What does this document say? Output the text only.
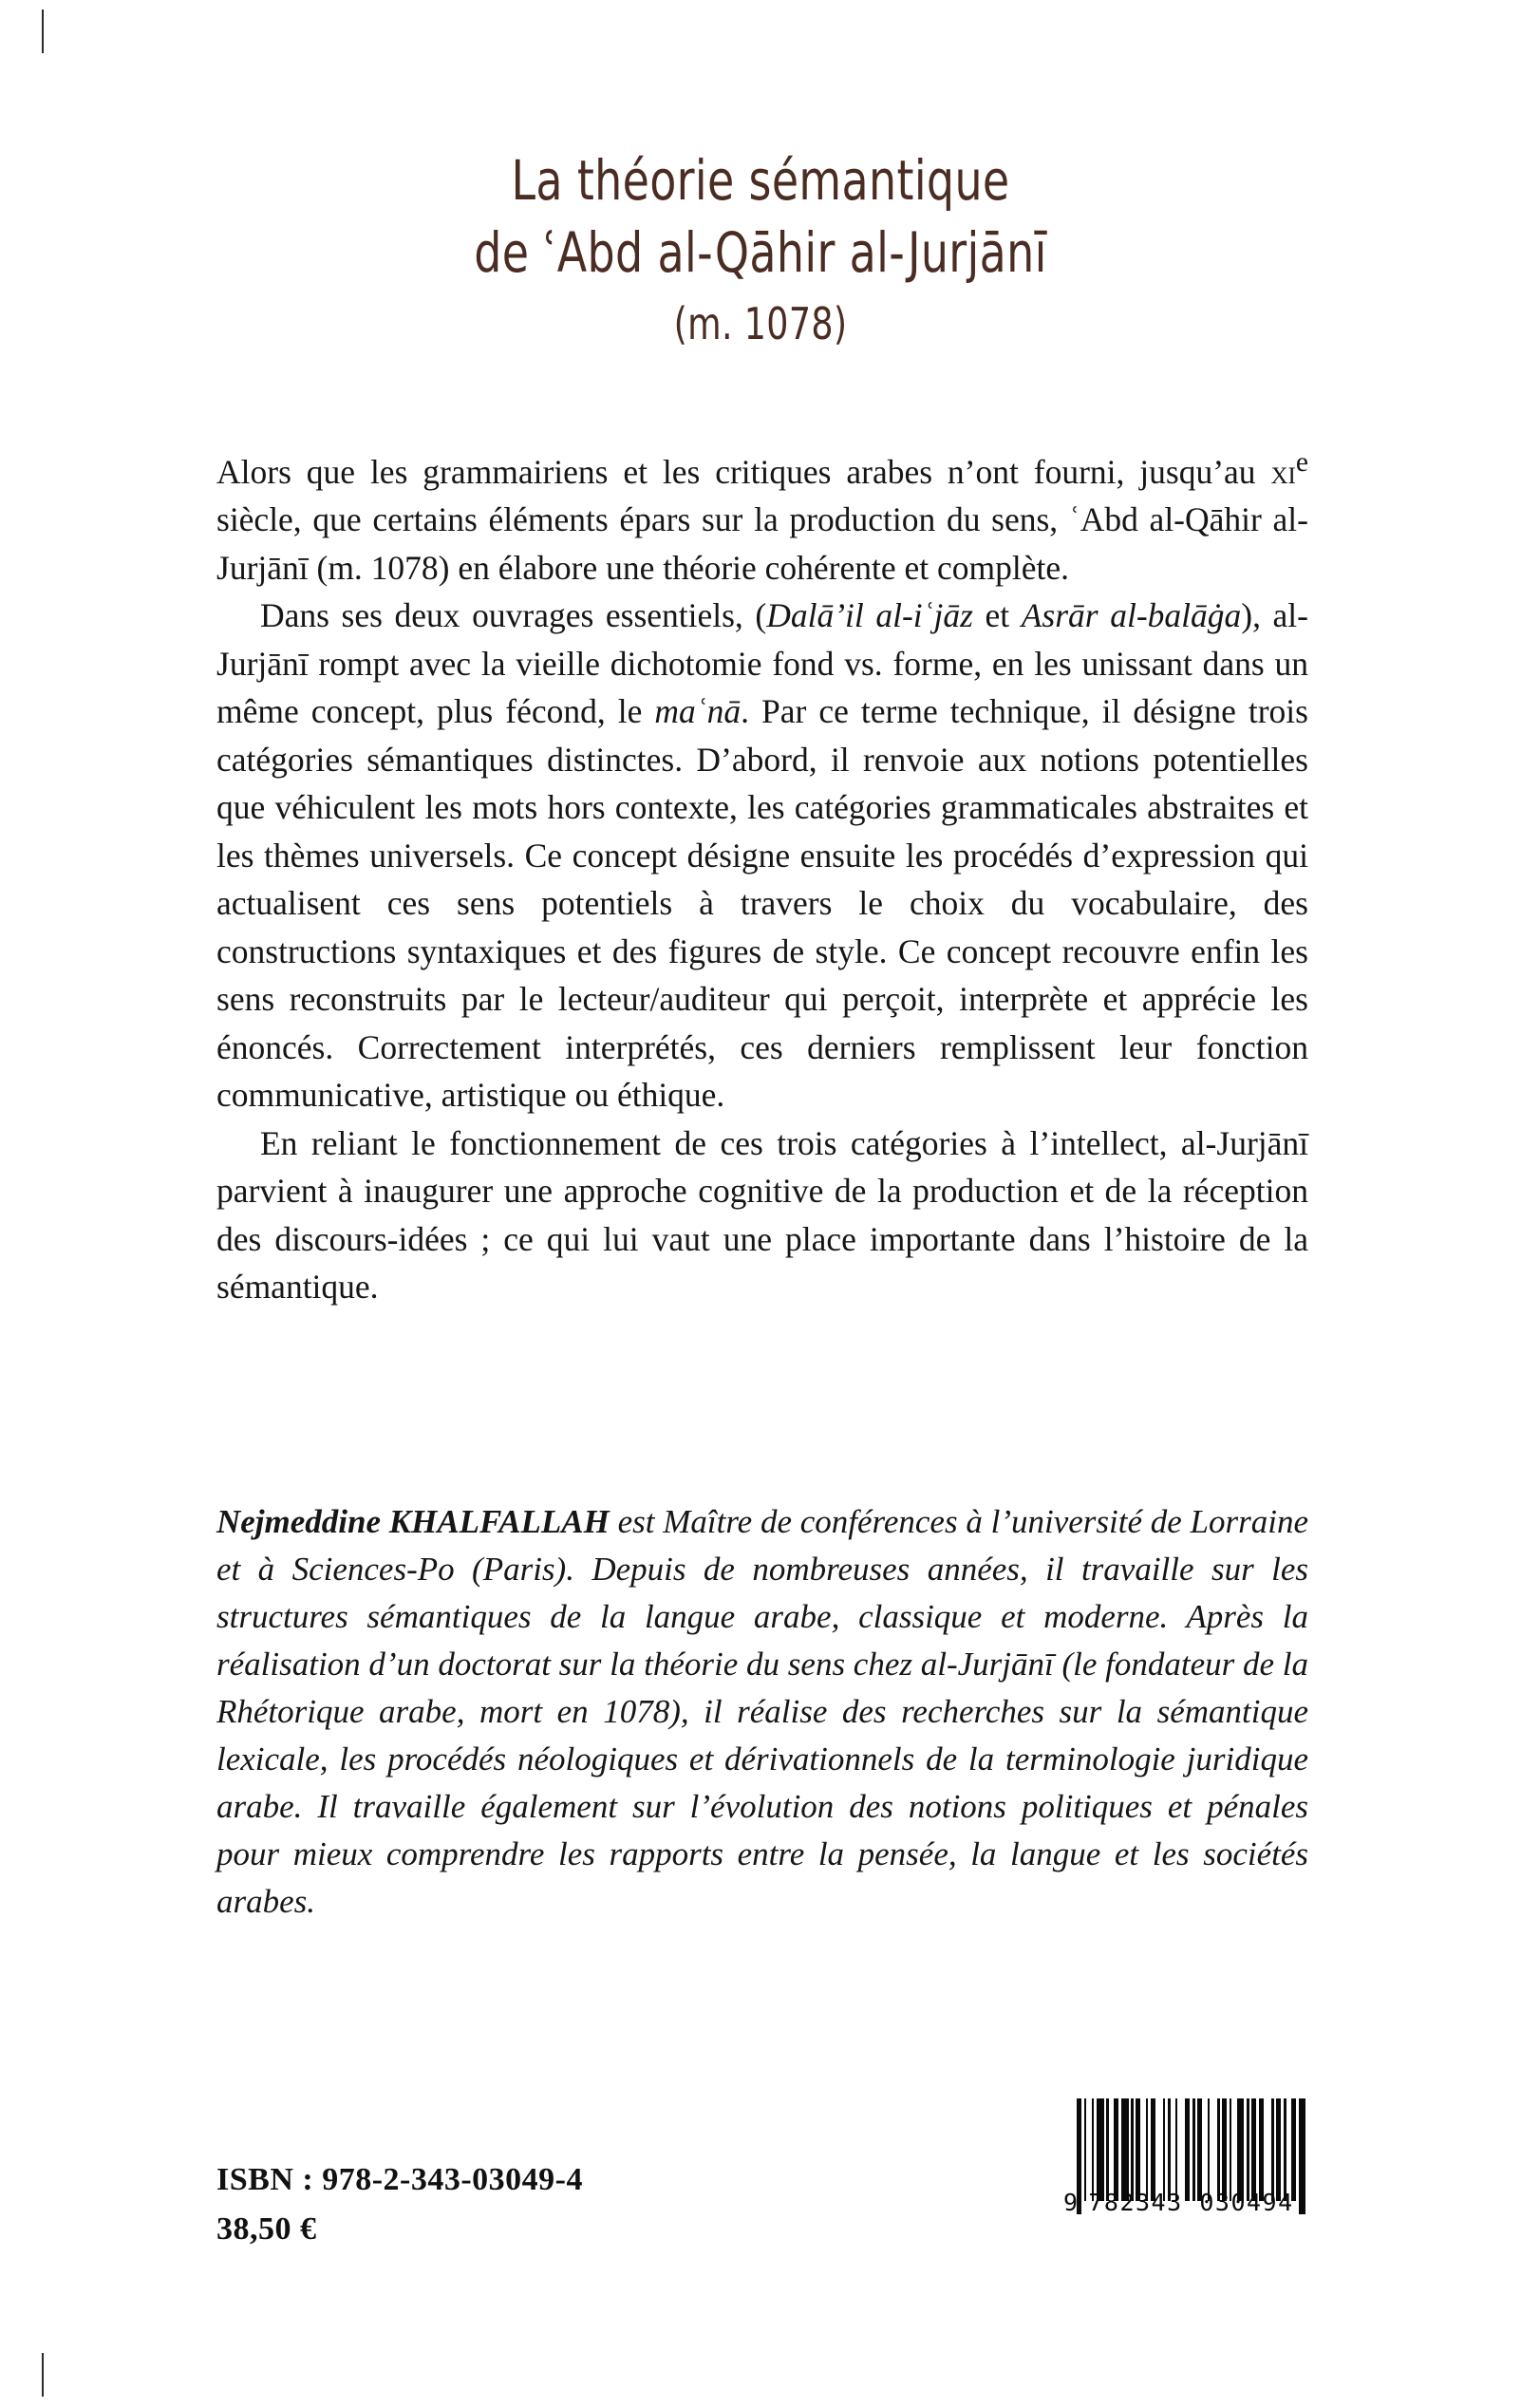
La théorie sémantique
de ʿAbd al-Qāhir al-Jurjānī
(m. 1078)

Alors que les grammairiens et les critiques arabes n’ont fourni, jusqu’au $xi^e$ siècle, que certains éléments épars sur la production du sens, ʿAbd al-Qāhir al-Jurjānī (m. 1078) en élabore une théorie cohérente et complète.

Dans ses deux ouvrages essentiels, (Dalā’il al-iʿjāz et Asrār al-balāġa), al-Jurjānī rompt avec la vieille dichotomie fond vs. forme, en les unissant dans un même concept, plus fécond, le maʿnā. Par ce terme technique, il désigne trois catégories sémantiques distinctes. D’abord, il renvoie aux notions potentielles que véhiculent les mots hors contexte, les catégories grammaticales abstraites et les thèmes universels. Ce concept désigne ensuite les procédés d’expression qui actualisent ces sens potentiels à travers le choix du vocabulaire, des constructions syntaxiques et des figures de style. Ce concept recouvre enfin les sens reconstruits par le lecteur/auditeur qui perçoit, interprète et apprécie les énoncés. Correctement interprétés, ces derniers remplissent leur fonction communicative, artistique ou éthique.

En reliant le fonctionnement de ces trois catégories à l’intellect, al-Jurjānī parvient à inaugurer une approche cognitive de la production et de la réception des discours-idées ; ce qui lui vaut une place importante dans l’histoire de la sémantique.

Nejmeddine KHALFALLAH est Maître de conférences à l’université de Lorraine et à Sciences-Po (Paris). Depuis de nombreuses années, il travaille sur les structures sémantiques de la langue arabe, classique et moderne. Après la réalisation d’un doctorat sur la théorie du sens chez al-Jurjānī (le fondateur de la Rhétorique arabe, mort en 1078), il réalise des recherches sur la sémantique lexicale, les procédés néologiques et dérivationnels de la terminologie juridique arabe. Il travaille également sur l’évolution des notions politiques et pénales pour mieux comprendre les rapports entre la pensée, la langue et les sociétés arabes.

ISBN : 978-2-343-03049-4
38,50 €
9 782343 030494
